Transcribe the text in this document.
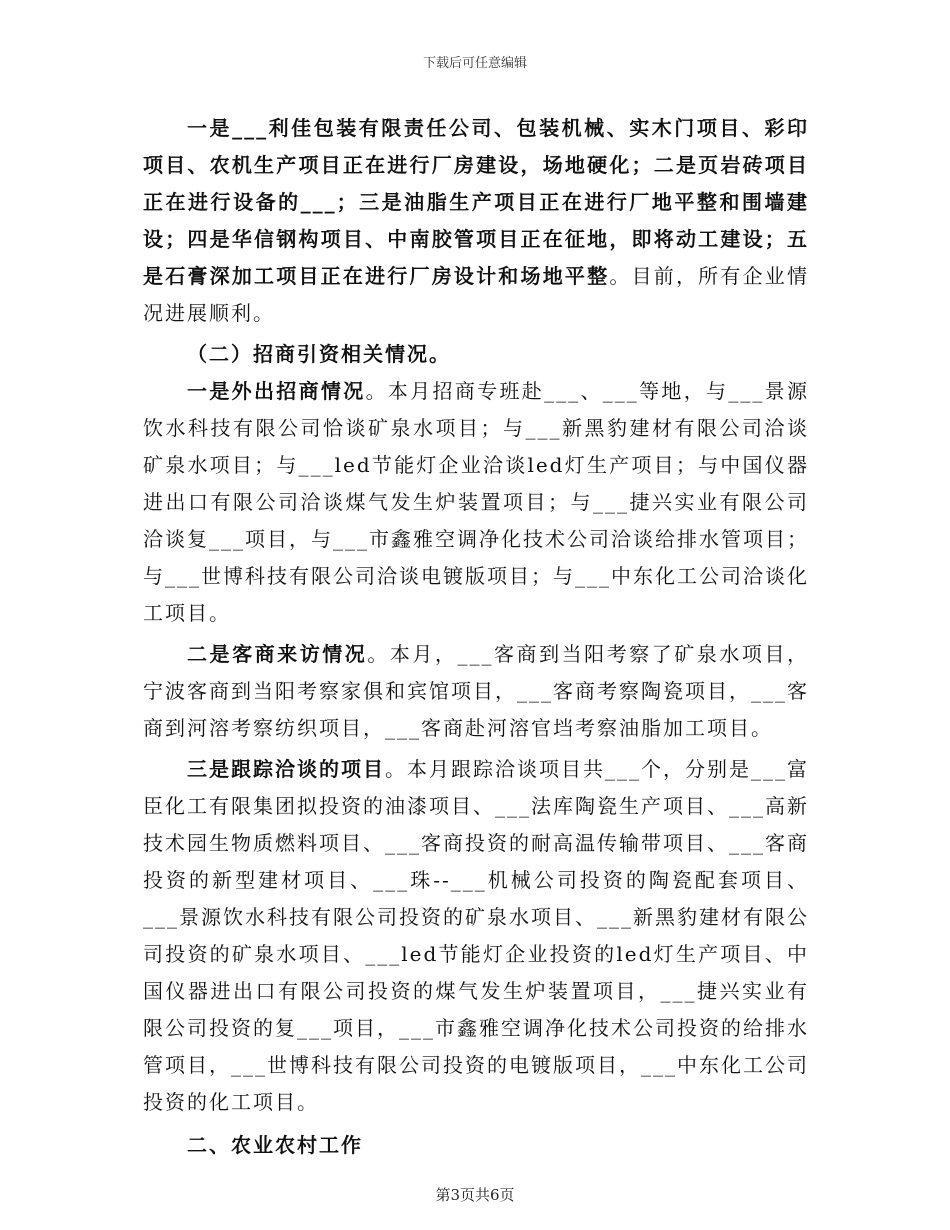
下载后可任意编辑

一是___利佳包装有限责任公司、包装机械、实木门项目、彩印项目、农机生产项目正在进行厂房建设，场地硬化；二是页岩砖项目正在进行设备的___；三是油脂生产项目正在进行厂地平整和围墙建设；四是华信钢构项目、中南胶管项目正在征地，即将动工建设；五是石膏深加工项目正在进行厂房设计和场地平整。目前，所有企业情况进展顺利。

（二）招商引资相关情况。

一是外出招商情况。本月招商专班赴___、___等地，与___景源饮水科技有限公司恰谈矿泉水项目；与___新黑豹建材有限公司洽谈矿泉水项目；与___led节能灯企业洽谈led灯生产项目；与中国仪器进出口有限公司洽谈煤气发生炉装置项目；与___捷兴实业有限公司洽谈复___项目，与___市鑫雅空调净化技术公司洽谈给排水管项目；与___世博科技有限公司洽谈电镀版项目；与___中东化工公司洽谈化工项目。

二是客商来访情况。本月，___客商到当阳考察了矿泉水项目，宁波客商到当阳考察家俱和宾馆项目，___客商考察陶瓷项目，___客商到河溶考察纺织项目，___客商赴河溶官垱考察油脂加工项目。

三是跟踪洽谈的项目。本月跟踪洽谈项目共___个，分别是___富臣化工有限集团拟投资的油漆项目、___法库陶瓷生产项目、___高新技术园生物质燃料项目、___客商投资的耐高温传输带项目、___客商投资的新型建材项目、___珠--___机械公司投资的陶瓷配套项目、___景源饮水科技有限公司投资的矿泉水项目、___新黑豹建材有限公司投资的矿泉水项目、___led节能灯企业投资的led灯生产项目、中国仪器进出口有限公司投资的煤气发生炉装置项目，___捷兴实业有限公司投资的复___项目，___市鑫雅空调净化技术公司投资的给排水管项目，___世博科技有限公司投资的电镀版项目，___中东化工公司投资的化工项目。

二、农业农村工作

第3页共6页
